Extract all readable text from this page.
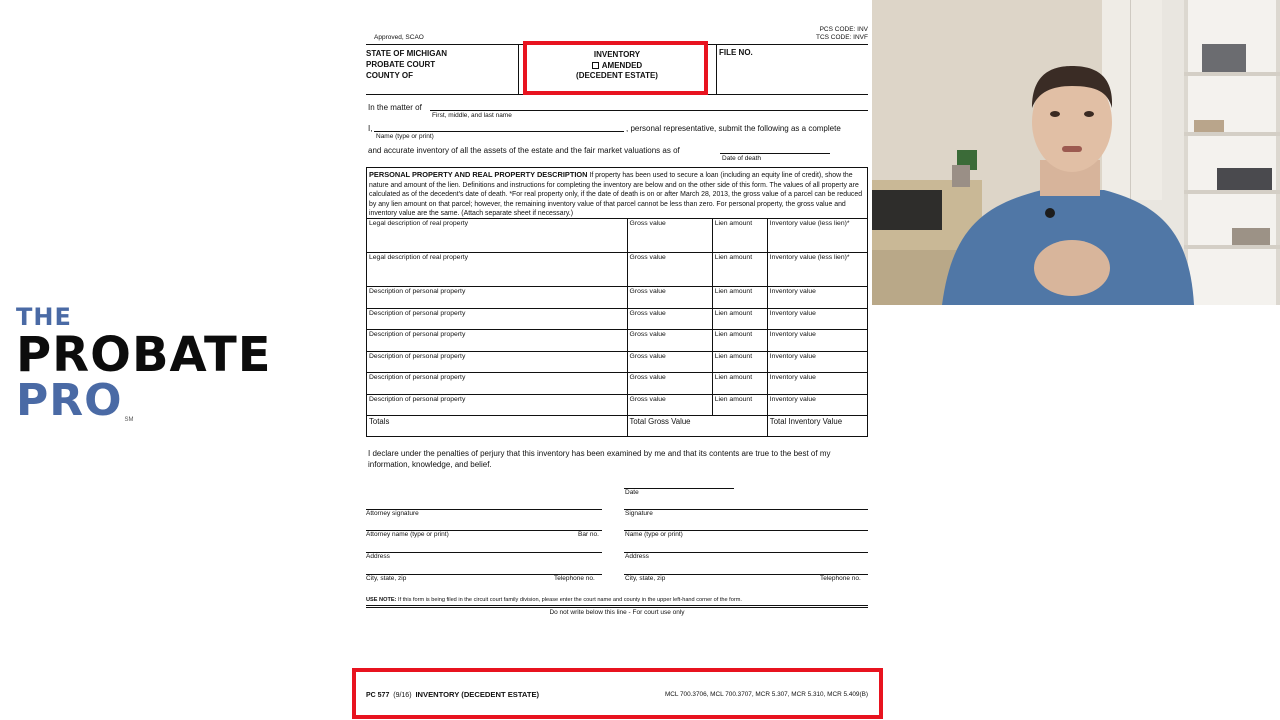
THE
PROBATE
PRO SM
Approved, SCAO
PCS CODE: INV
TCS CODE: INVF
STATE OF MICHIGAN
PROBATE COURT
COUNTY OF
INVENTORY
AMENDED
(DECEDENT ESTATE)
FILE NO.
In the matter of
First, middle, and last name
I,
Name (type or print)
, personal representative, submit the following as a complete
and accurate inventory of all the assets of the estate and the fair market valuations as of
Date of death
PERSONAL PROPERTY AND REAL PROPERTY DESCRIPTION If property has been used to secure a loan (including an equity line of credit), show the nature and amount of the lien. Definitions and instructions for completing the inventory are below and on the other side of this form. The values of all property are calculated as of the decedent's date of death. *For real property only, if the date of death is on or after March 28, 2013, the gross value of a parcel can be reduced by any lien amount on that parcel; however, the remaining inventory value of that parcel cannot be less than zero. For personal property, the gross value and inventory value are the same. (Attach separate sheet if necessary.)
Legal description of real property	Gross value	Lien amount	Inventory value (less lien)*
Legal description of real property	Gross value	Lien amount	Inventory value (less lien)*
Description of personal property	Gross value	Lien amount	Inventory value
Description of personal property	Gross value	Lien amount	Inventory value
Description of personal property	Gross value	Lien amount	Inventory value
Description of personal property	Gross value	Lien amount	Inventory value
Description of personal property	Gross value	Lien amount	Inventory value
Description of personal property	Gross value	Lien amount	Inventory value
Totals	Total Gross Value		Total Inventory Value
I declare under the penalties of perjury that this inventory has been examined by me and that its contents are true to the best of my information, knowledge, and belief.
Date
Attorney signature	Signature
Attorney name (type or print)	Bar no.	Name (type or print)
Address	Address
City, state, zip	Telephone no.	City, state, zip	Telephone no.
USE NOTE: If this form is being filed in the circuit court family division, please enter the court name and county in the upper left-hand corner of the form.
Do not write below this line - For court use only
PC 577 (9/16) INVENTORY (DECEDENT ESTATE)	MCL 700.3706, MCL 700.3707, MCR 5.307, MCR 5.310, MCR 5.409(B)
